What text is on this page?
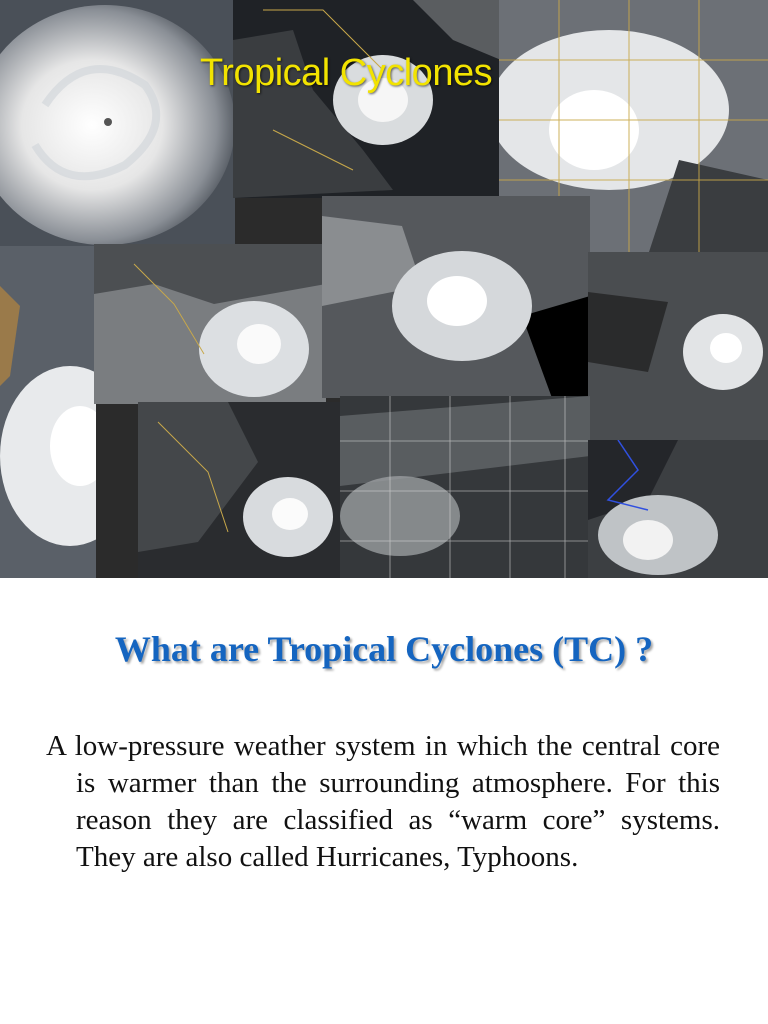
Tropical Cyclones
What are Tropical Cyclones (TC) ?
A low-pressure weather system in which the central core is warmer than the surrounding atmosphere. For this reason they are classified as “warm core” systems. They are also called Hurricanes, Typhoons.
